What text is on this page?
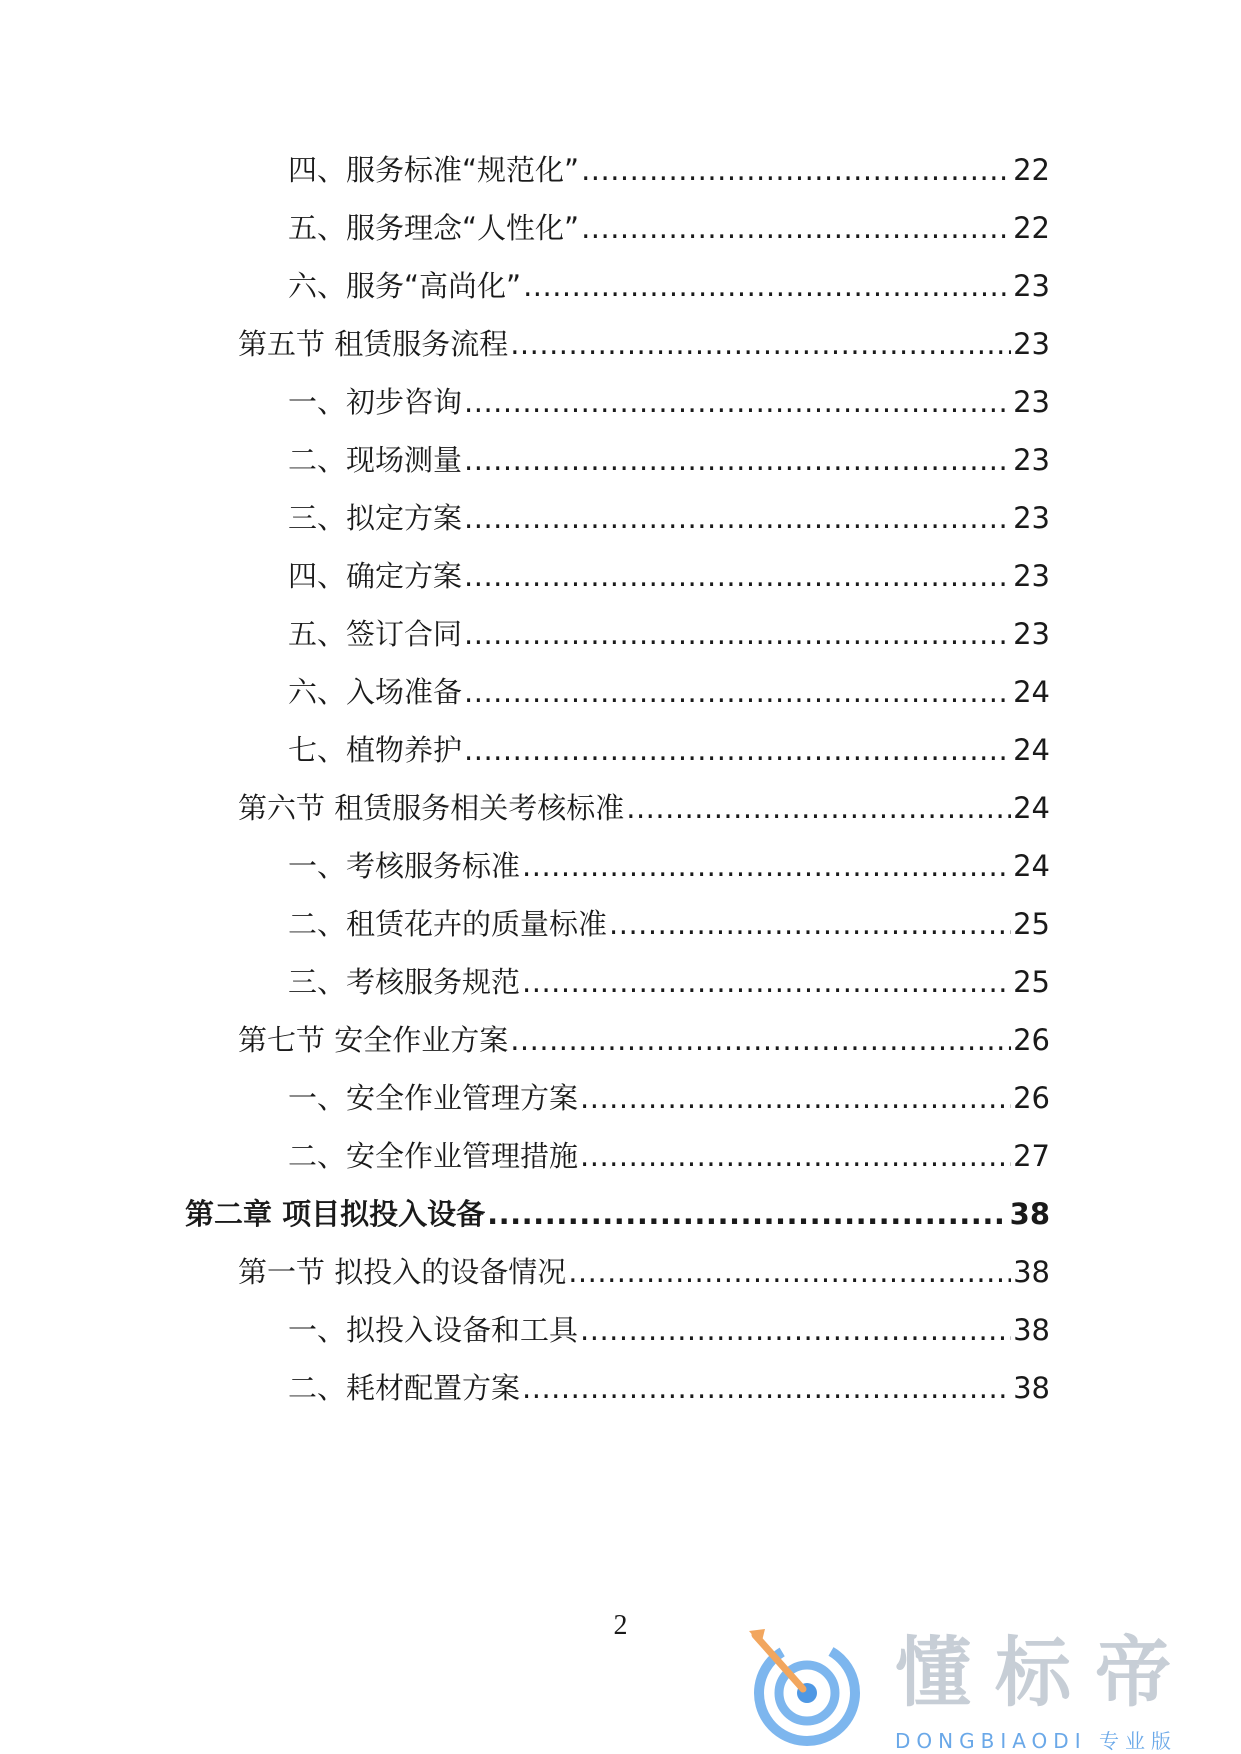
四、服务标准“规范化” .....	22
五、服务理念“人性化” .....	22
六、服务“高尚化” .....	23
第五节 租赁服务流程 .....	23
一、初步咨询 .....	23
二、现场测量 .....	23
三、拟定方案 .....	23
四、确定方案 .....	23
五、签订合同 .....	23
六、入场准备 .....	24
七、植物养护 .....	24
第六节 租赁服务相关考核标准 .....	24
一、考核服务标准 .....	24
二、租赁花卉的质量标准 .....	25
三、考核服务规范 .....	25
第七节 安全作业方案 .....	26
一、安全作业管理方案 .....	26
二、安全作业管理措施 .....	27
第二章 项目拟投入设备 .....	38
第一节 拟投入的设备情况 .....	38
一、拟投入设备和工具 .....	38
二、耗材配置方案 .....	38
2
懂标帝
DONGBIAODI 专业版
